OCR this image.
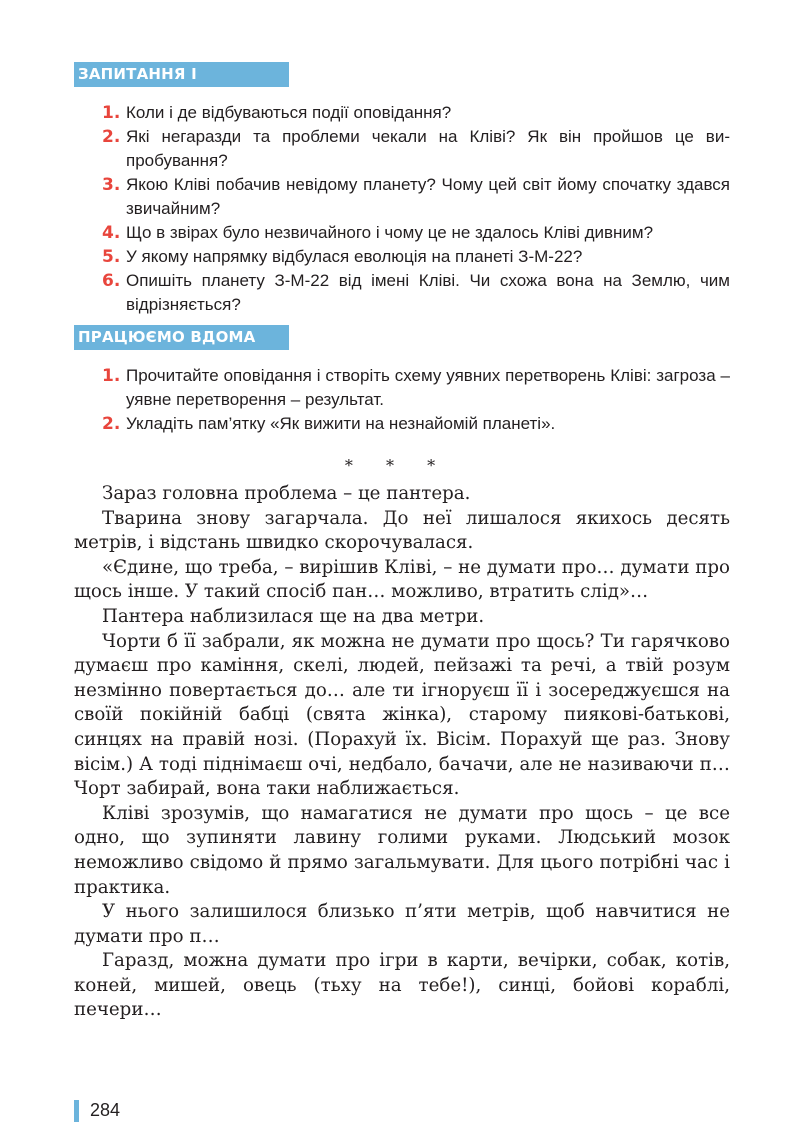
ЗАПИТАННЯ І ЗАВДАННЯ
1. Коли і де відбуваються події оповідання?
2. Які негаразди та проблеми чекали на Кліві? Як він пройшов це випробування?
3. Якою Кліві побачив невідому планету? Чому цей світ йому спочатку здався звичайним?
4. Що в звірах було незвичайного і чому це не здалось Кліві дивним?
5. У якому напрямку відбулася еволюція на планеті З-М-22?
6. Опишіть планету З-М-22 від імені Кліві. Чи схожа вона на Землю, чим відрізняється?
ПРАЦЮЄМО ВДОМА
1. Прочитайте оповідання і створіть схему уявних перетворень Кліві: загроза – уявне перетворення – результат.
2. Укладіть пам’ятку «Як вижити на незнайомій планеті».
* * *

Зараз головна проблема – це пантера.

Тварина знову загарчала. До неї лишалося якихось десять метрів, і відстань швидко скорочувалася.

«Єдине, що треба, – вирішив Кліві, – не думати про… думати про щось інше. У такий спосіб пан… можливо, втратить слід»…

Пантера наблизилася ще на два метри.

Чорти б її забрали, як можна не думати про щось? Ти гарячково думаєш про каміння, скелі, людей, пейзажі та речі, а твій розум незмінно повертається до… але ти ігноруєш її і зосереджуєшся на своїй покійній бабці (свята жінка), старому пиякові-батькові, синцях на правій нозі. (Порахуй їх. Вісім. Порахуй ще раз. Знову вісім.) А тоді піднімаєш очі, недбало, бачачи, але не називаючи п… Чорт забирай, вона таки наближається.

Кліві зрозумів, що намагатися не думати про щось – це все одно, що зупиняти лавину голими руками. Людський мозок неможливо свідомо й прямо загальмувати. Для цього потрібні час і практика.

У нього залишилося близько п’яти метрів, щоб навчитися не думати про п…

Гаразд, можна думати про ігри в карти, вечірки, собак, котів, коней, мишей, овець (тьху на тебе!), синці, бойові кораблі, печери…

284
